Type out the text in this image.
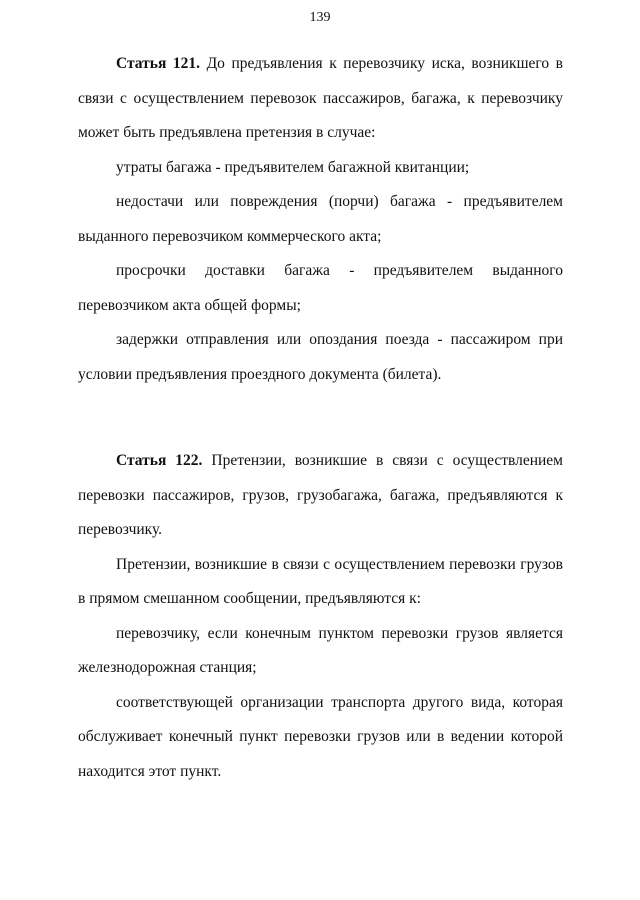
139

Статья 121. До предъявления к перевозчику иска, возникшего в связи с осуществлением перевозок пассажиров, багажа, к перевозчику может быть предъявлена претензия в случае:

утраты багажа - предъявителем багажной квитанции;

недостачи или повреждения (порчи) багажа - предъявителем выданного перевозчиком коммерческого акта;

просрочки доставки багажа - предъявителем выданного перевозчиком акта общей формы;

задержки отправления или опоздания поезда - пассажиром при условии предъявления проездного документа (билета).

Статья 122. Претензии, возникшие в связи с осуществлением перевозки пассажиров, грузов, грузобагажа, багажа, предъявляются к перевозчику.

Претензии, возникшие в связи с осуществлением перевозки грузов в прямом смешанном сообщении, предъявляются к:

перевозчику, если конечным пунктом перевозки грузов является железнодорожная станция;

соответствующей организации транспорта другого вида, которая обслуживает конечный пункт перевозки грузов или в ведении которой находится этот пункт.
